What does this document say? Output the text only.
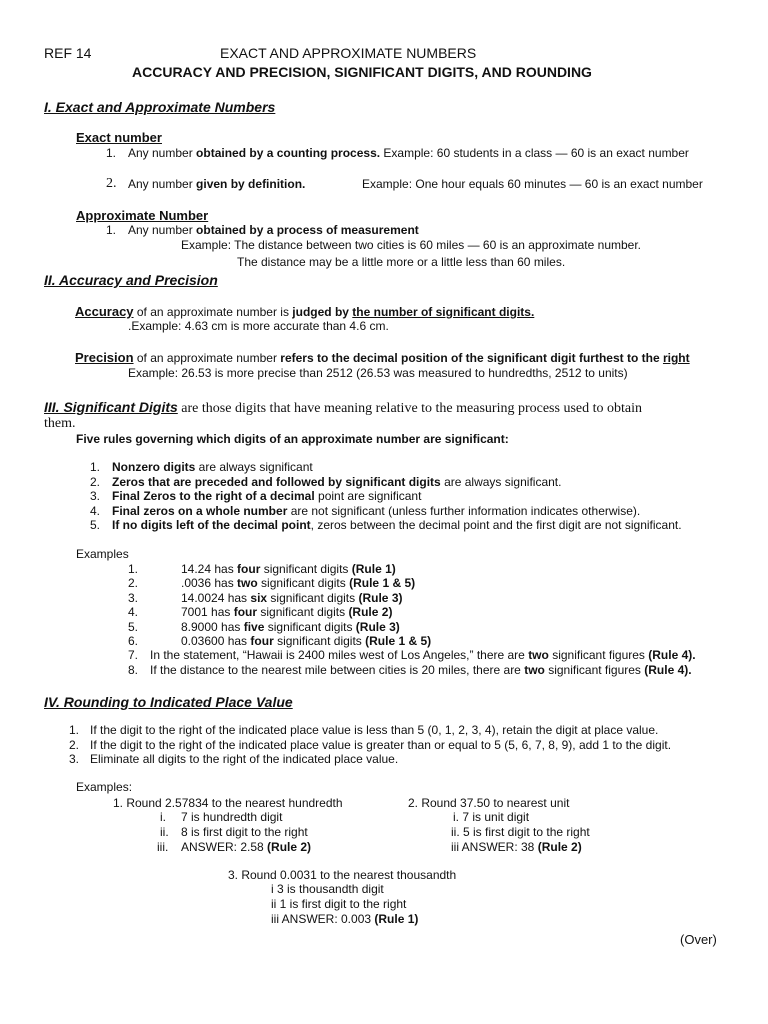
REF 14	EXACT AND APPROXIMATE NUMBERS
ACCURACY AND PRECISION, SIGNIFICANT DIGITS, AND ROUNDING
I. Exact and Approximate Numbers
Exact number
1. Any number obtained by a counting process. Example: 60 students in a class — 60 is an exact number
2. Any number given by definition.	Example: One hour equals 60 minutes — 60 is an exact number
Approximate Number
1. Any number obtained by a process of measurement
Example: The distance between two cities is 60 miles — 60 is an approximate number.
The distance may be a little more or a little less than 60 miles.
II. Accuracy and Precision
Accuracy of an approximate number is judged by the number of significant digits.
.Example: 4.63 cm is more accurate than 4.6 cm.
Precision of an approximate number refers to the decimal position of the significant digit furthest to the right
Example: 26.53 is more precise than 2512 (26.53 was measured to hundredths, 2512 to units)
III. Significant Digits are those digits that have meaning relative to the measuring process used to obtain
them.
Five rules governing which digits of an approximate number are significant:
1. Nonzero digits are always significant
2. Zeros that are preceded and followed by significant digits are always significant.
3. Final Zeros to the right of a decimal point are significant
4. Final zeros on a whole number are not significant (unless further information indicates otherwise).
5. If no digits left of the decimal point, zeros between the decimal point and the first digit are not significant.
Examples
1.	14.24 has four significant digits (Rule 1)
2.	.0036 has two significant digits (Rule 1 & 5)
3.	14.0024 has six significant digits (Rule 3)
4.	7001 has four significant digits (Rule 2)
5.	8.9000 has five significant digits (Rule 3)
6.	0.03600 has four significant digits (Rule 1 & 5)
7. In the statement, “Hawaii is 2400 miles west of Los Angeles,” there are two significant figures (Rule 4).
8. If the distance to the nearest mile between cities is 20 miles, there are two significant figures (Rule 4).
IV. Rounding to Indicated Place Value
1. If the digit to the right of the indicated place value is less than 5 (0, 1, 2, 3, 4), retain the digit at place value.
2. If the digit to the right of the indicated place value is greater than or equal to 5 (5, 6, 7, 8, 9), add 1 to the digit.
3. Eliminate all digits to the right of the indicated place value.
Examples:
1. Round 2.57834 to the nearest hundredth
i. 7 is hundredth digit
ii. 8 is first digit to the right
iii. ANSWER: 2.58 (Rule 2)
2. Round 37.50 to nearest unit
i. 7 is unit digit
ii. 5 is first digit to the right
iii ANSWER: 38 (Rule 2)
3. Round 0.0031 to the nearest thousandth
i 3 is thousandth digit
ii 1 is first digit to the right
iii ANSWER: 0.003 (Rule 1)
(Over)
